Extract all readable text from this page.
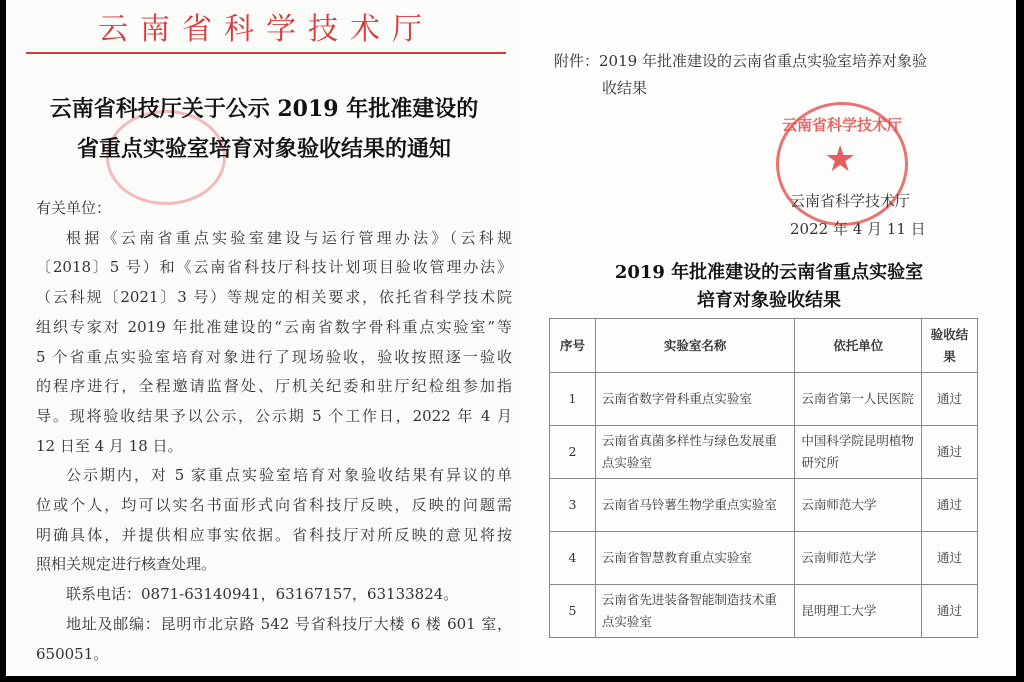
云南省科学技术厅
云南省科技厅关于公示 2019 年批准建设的
省重点实验室培育对象验收结果的通知
有关单位：
根据《云南省重点实验室建设与运行管理办法》（云科规
〔2018〕5 号）和《云南省科技厅科技计划项目验收管理办法》
（云科规〔2021〕3 号）等规定的相关要求，依托省科学技术院
组织专家对 2019 年批准建设的“云南省数字骨科重点实验室”等
5 个省重点实验室培育对象进行了现场验收，验收按照逐一验收
的程序进行，全程邀请监督处、厅机关纪委和驻厅纪检组参加指
导。现将验收结果予以公示，公示期 5 个工作日，2022 年 4 月
12 日至 4 月 18 日。
公示期内，对 5 家重点实验室培育对象验收结果有异议的单
位或个人，均可以实名书面形式向省科技厅反映，反映的问题需
明确具体，并提供相应事实依据。省科技厅对所反映的意见将按
照相关规定进行核查处理。
联系电话：0871-63140941，63167157，63133824。
地址及邮编：昆明市北京路 542 号省科技厅大楼 6 楼 601 室，
650051。
附件：2019 年批准建设的云南省重点实验室培养对象验
收结果
云南省科学技术厅
★
云南省科学技术厅
2022 年 4 月 11 日
2019 年批准建设的云南省重点实验室
培育对象验收结果
序号	实验室名称	依托单位	验收结果
1	云南省数字骨科重点实验室	云南省第一人民医院	通过
2	云南省真菌多样性与绿色发展重点实验室	中国科学院昆明植物研究所	通过
3	云南省马铃薯生物学重点实验室	云南师范大学	通过
4	云南省智慧教育重点实验室	云南师范大学	通过
5	云南省先进装备智能制造技术重点实验室	昆明理工大学	通过
